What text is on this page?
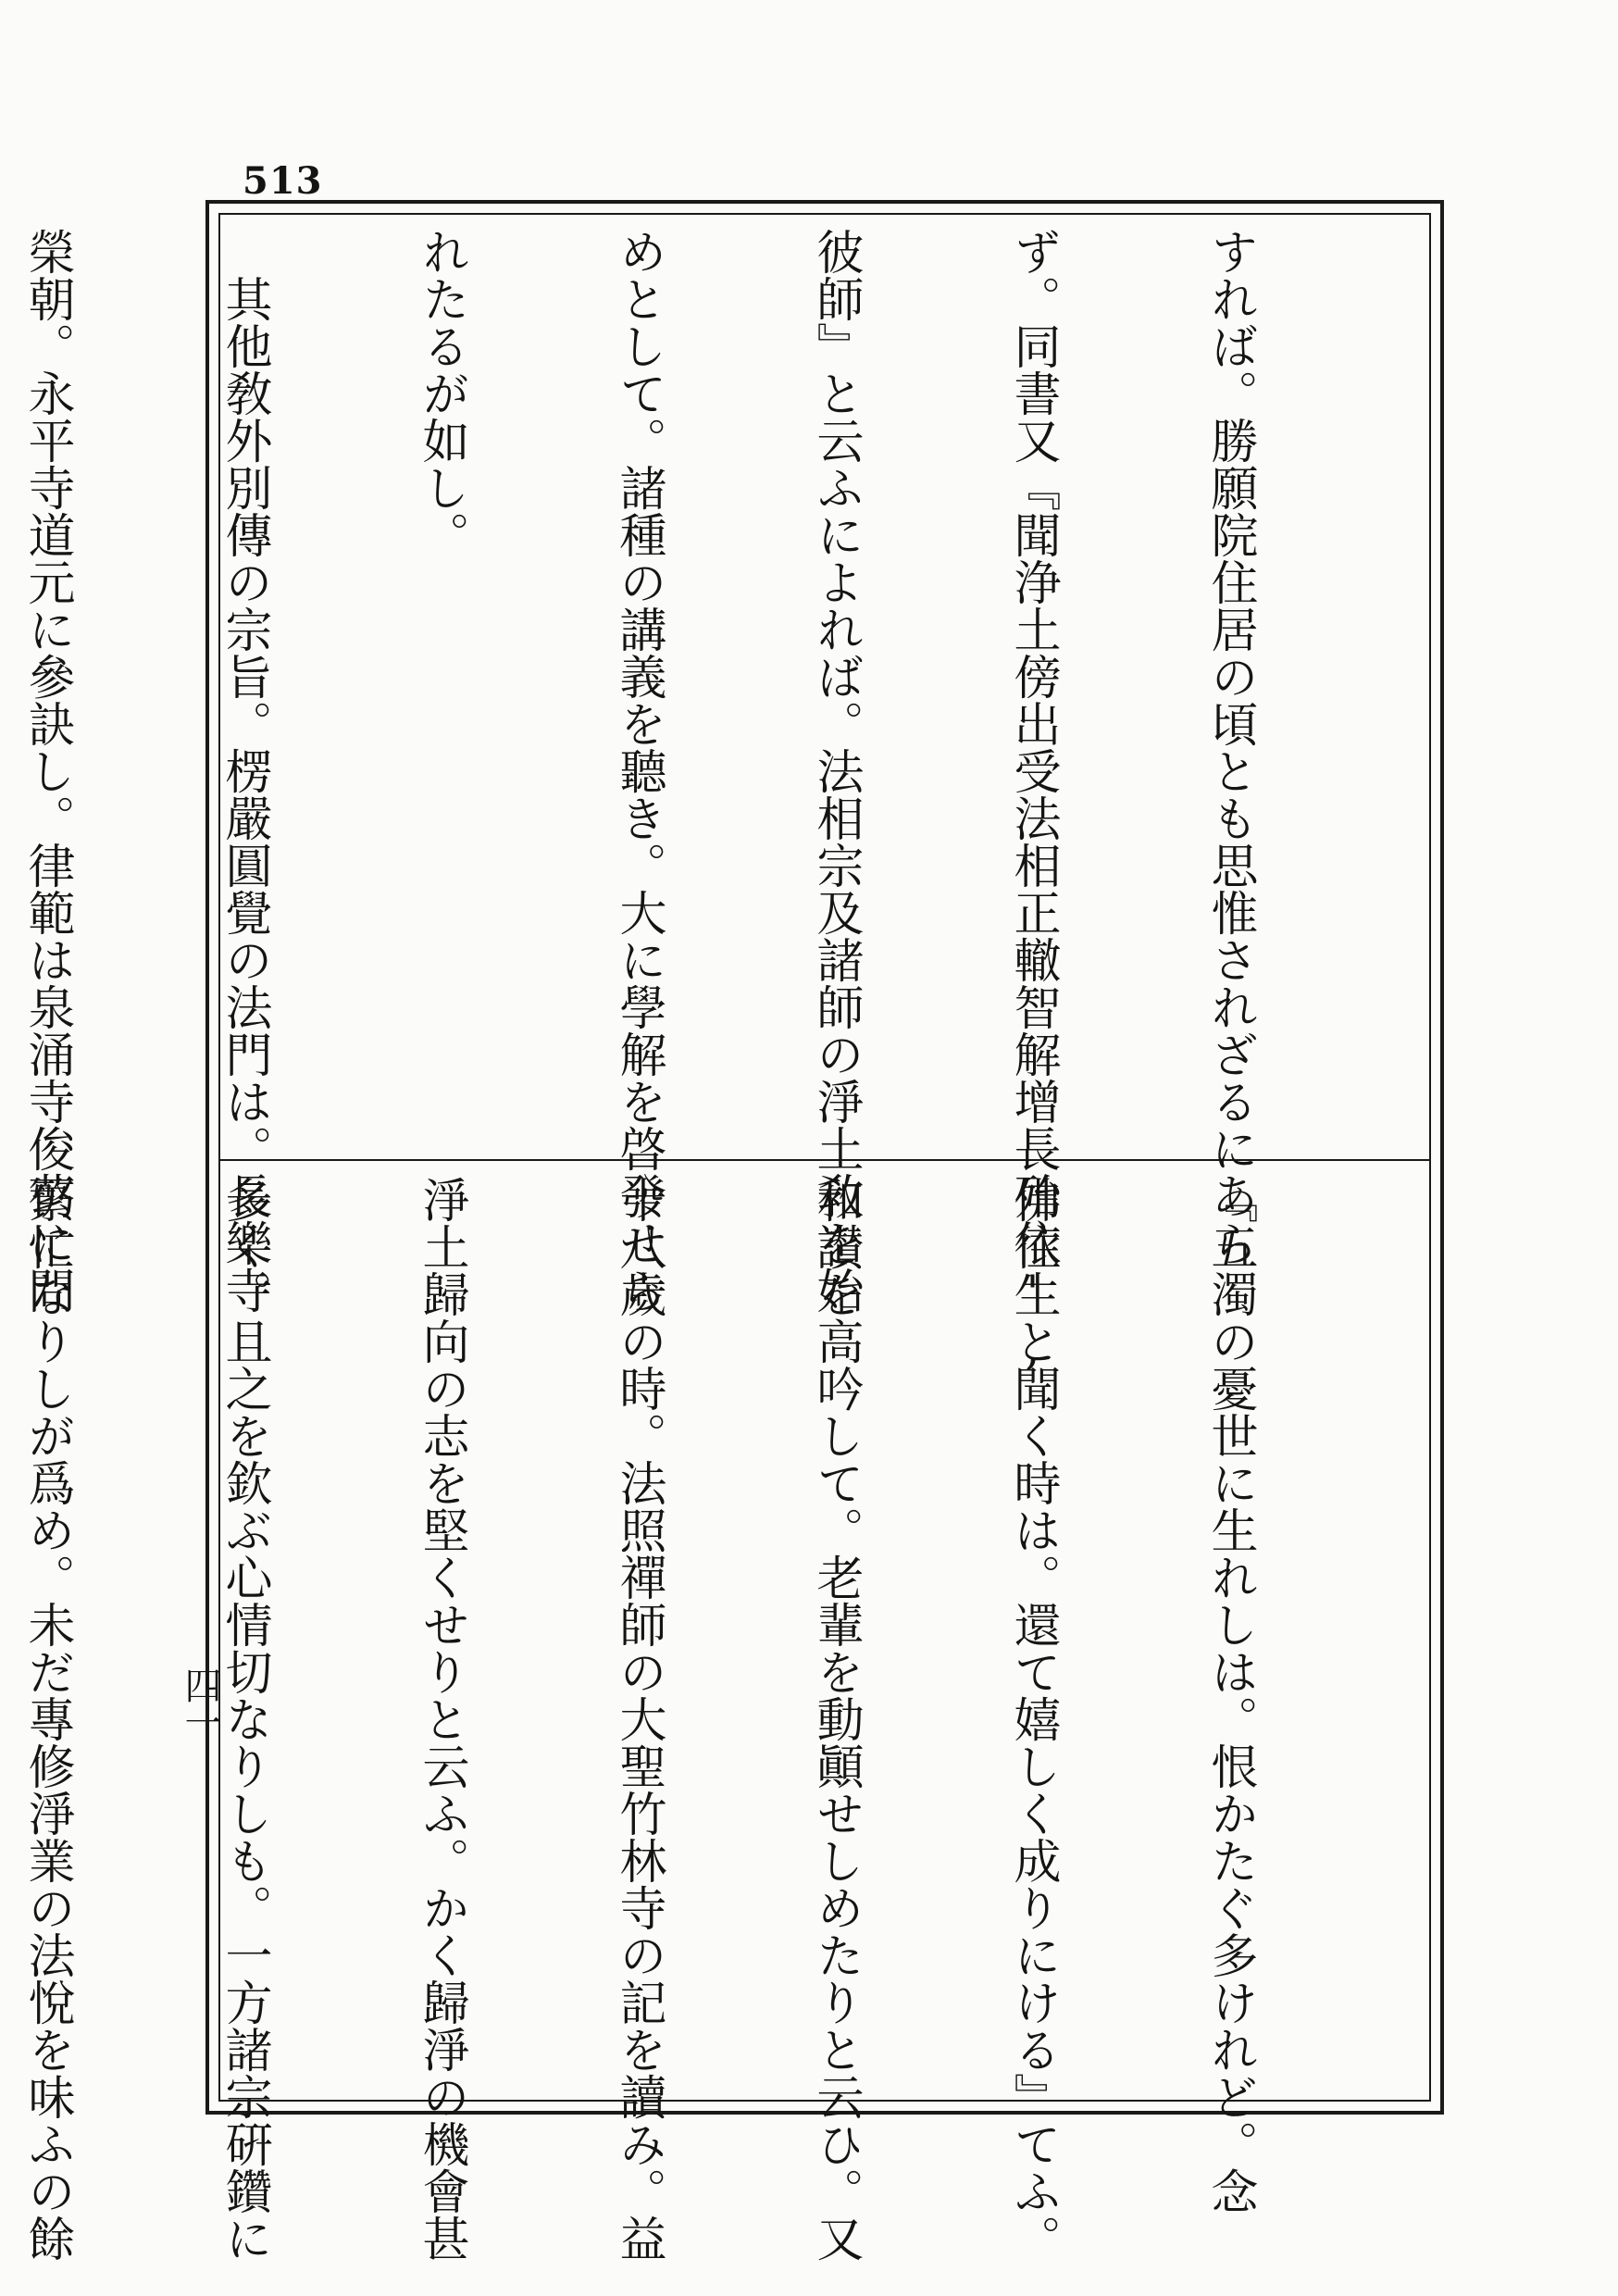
513

すれば。勝願院住居の頃とも思惟されざるにあら

ず。同書又『聞浄土傍出受法相正轍智解增長殆依',

彼師』と云ふによれば。法相宗及諸師の淨土敎を始

めとして。諸種の講義を聽き。大に學解を啓發せら

れたるが如し。

　其他敎外別傳の宗旨。楞嚴圓覺の法門は。長樂寺

榮朝。永平寺道元に參訣し。律範は泉涌寺俊芿に問

『五濁の憂世に生れしは。恨かたぐ多けれど。念

佛往生と聞く時は。還て嬉しく成りにける』てふ。

和讃を高吟して。老輩を動顚せしめたりと云ひ。又

十八歲の時。法照禪師の大聖竹林寺の記を讀み。益

淨土歸向の志を堅くせりと云ふ。かく歸淨の機會甚

多く。且之を欽ぶ心情切なりしも。一方諸宗硏鑽に

繁忙なりしが爲め。未だ專修淨業の法悅を味ふの餘

	四一
